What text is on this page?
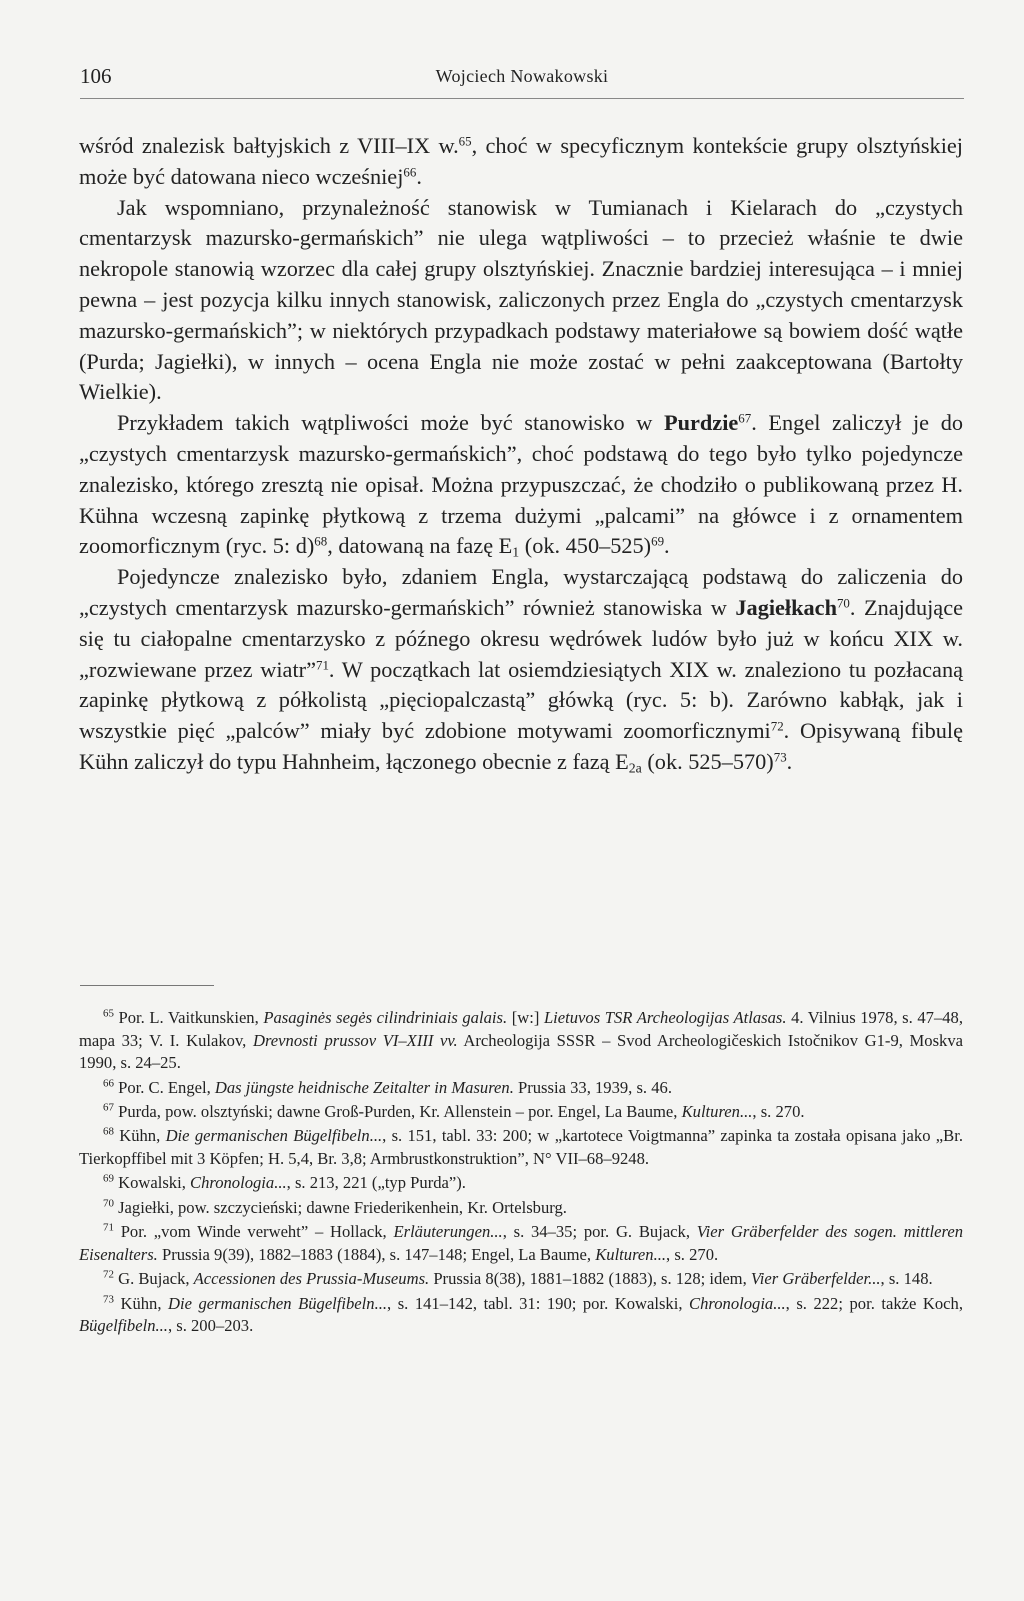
106	Wojciech Nowakowski

wśród znalezisk bałtyjskich z VIII–IX w.$^{65}$, choć w specyficznym kontekście grupy olsztyńskiej może być datowana nieco wcześniej$^{66}$.

Jak wspomniano, przynależność stanowisk w Tumianach i Kielarach do „czystych cmentarzysk mazursko-germańskich” nie ulega wątpliwości – to przecież właśnie te dwie nekropole stanowią wzorzec dla całej grupy olsztyńskiej. Znacznie bardziej interesująca – i mniej pewna – jest pozycja kilku innych stanowisk, zaliczonych przez Engla do „czystych cmentarzysk mazursko-germańskich”; w niektórych przypadkach podstawy materiałowe są bowiem dość wątłe (Purda; Jagiełki), w innych – ocena Engla nie może zostać w pełni zaakceptowana (Bartołty Wielkie).

Przykładem takich wątpliwości może być stanowisko w Purdzie$^{67}$. Engel zaliczył je do „czystych cmentarzysk mazursko-germańskich”, choć podstawą do tego było tylko pojedyncze znalezisko, którego zresztą nie opisał. Można przypuszczać, że chodziło o publikowaną przez H. Kühna wczesną zapinkę płytkową z trzema dużymi „palcami” na główce i z ornamentem zoomorficznym (ryc. 5: d)$^{68}$, datowaną na fazę $E_1$ (ok. 450–525)$^{69}$.

Pojedyncze znalezisko było, zdaniem Engla, wystarczającą podstawą do zaliczenia do „czystych cmentarzysk mazursko-germańskich” również stanowiska w Jagiełkach$^{70}$. Znajdujące się tu ciałopalne cmentarzysko z późnego okresu wędrówek ludów było już w końcu XIX w. „rozwiewane przez wiatr”$^{71}$. W początkach lat osiemdziesiątych XIX w. znaleziono tu pozłacaną zapinkę płytkową z półkolistą „pięciopalczastą” główką (ryc. 5: b). Zarówno kabłąk, jak i wszystkie pięć „palców” miały być zdobione motywami zoomorficznymi$^{72}$. Opisywaną fibulę Kühn zaliczył do typu Hahnheim, łączonego obecnie z fazą $E_{2a}$ (ok. 525–570)$^{73}$.

$^{65}$ Por. L. Vaitkunskien, Pasaginės segės cilindriniais galais. [w:] Lietuvos TSR Archeologijas Atlasas. 4. Vilnius 1978, s. 47–48, mapa 33; V. I. Kulakov, Drevnosti prussov VI–XIII vv. Archeologija SSSR – Svod Archeologičeskich Istočnikov G1-9, Moskva 1990, s. 24–25.

$^{66}$ Por. C. Engel, Das jüngste heidnische Zeitalter in Masuren. Prussia 33, 1939, s. 46.

$^{67}$ Purda, pow. olsztyński; dawne Groß-Purden, Kr. Allenstein – por. Engel, La Baume, Kulturen..., s. 270.

$^{68}$ Kühn, Die germanischen Bügelfibeln..., s. 151, tabl. 33: 200; w „kartotece Voigtmanna” zapinka ta została opisana jako „Br. Tierkopffibel mit 3 Köpfen; H. 5,4, Br. 3,8; Armbrustkonstruktion”, N° VII–68–9248.

$^{69}$ Kowalski, Chronologia..., s. 213, 221 („typ Purda”).

$^{70}$ Jagiełki, pow. szczycieński; dawne Friederikenhein, Kr. Ortelsburg.

$^{71}$ Por. „vom Winde verweht” – Hollack, Erläuterungen..., s. 34–35; por. G. Bujack, Vier Gräberfelder des sogen. mittleren Eisenalters. Prussia 9(39), 1882–1883 (1884), s. 147–148; Engel, La Baume, Kulturen..., s. 270.

$^{72}$ G. Bujack, Accessionen des Prussia-Museums. Prussia 8(38), 1881–1882 (1883), s. 128; idem, Vier Gräberfelder..., s. 148.

$^{73}$ Kühn, Die germanischen Bügelfibeln..., s. 141–142, tabl. 31: 190; por. Kowalski, Chronologia..., s. 222; por. także Koch, Bügelfibeln..., s. 200–203.
